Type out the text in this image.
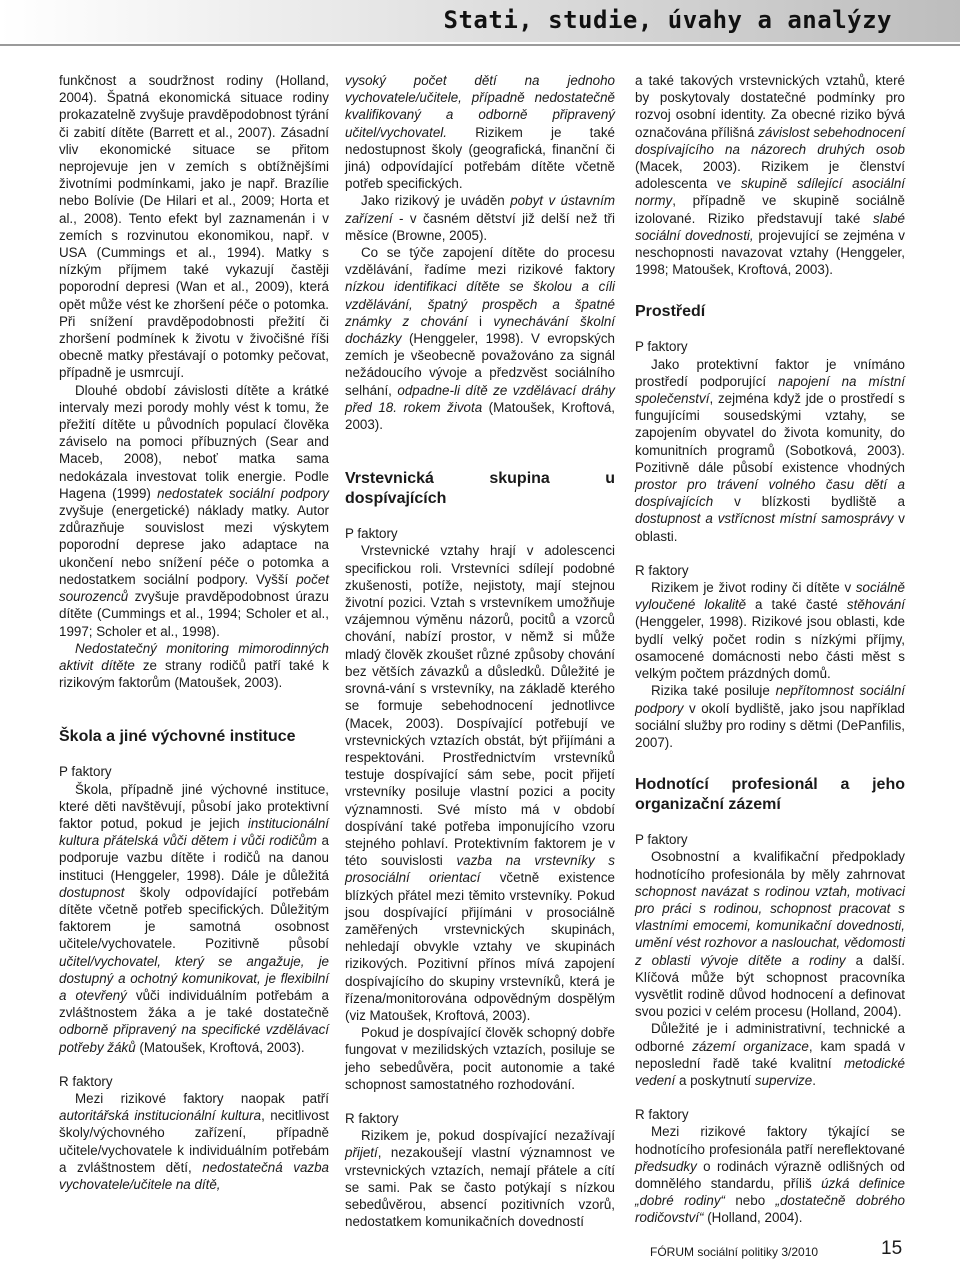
Stati, studie, úvahy a analýzy

funkčnost a soudržnost rodiny (Holland, 2004). Špatná ekonomická situace rodiny prokazatelně zvyšuje pravděpodobnost týrání či zabití dítěte (Barrett et al., 2007). Zásadní vliv ekonomické situace se přitom neprojevuje jen v zemích s obtížnějšími životními podmínkami, jako je např. Brazílie nebo Bolívie (De Hilari et al., 2009; Horta et al., 2008). Tento efekt byl zaznamenán i v zemích s rozvinutou ekonomikou, např. v USA (Cummings et al., 1994). Matky s nízkým příjmem také vykazují častěji poporodní depresi (Wan et al., 2009), která opět může vést ke zhoršení péče o potomka. Při snížení pravděpodobnosti přežití či zhoršení podmínek k životu v živočišné říši obecně matky přestávají o potomky pečovat, případně je usmrcují.

Dlouhé období závislosti dítěte a krátké intervaly mezi porody mohly vést k tomu, že přežití dítěte u původních populací člověka záviselo na pomoci příbuzných (Sear and Maceb, 2008), neboť matka sama nedokázala investovat tolik energie. Podle Hagena (1999) nedostatek sociální podpory zvyšuje (energetické) náklady matky. Autor zdůrazňuje souvislost mezi výskytem poporodní deprese jako adaptace na ukončení nebo snížení péče o potomka a nedostatkem sociální podpory. Vyšší počet sourozenců zvyšuje pravděpodobnost úrazu dítěte (Cummings et al., 1994; Scholer et al., 1997; Scholer et al., 1998).

Nedostatečný monitoring mimorodinných aktivit dítěte ze strany rodičů patří také k rizikovým faktorům (Matoušek, 2003).

Škola a jiné výchovné instituce

P faktory

Škola, případně jiné výchovné instituce, které děti navštěvují, působí jako protektivní faktor potud, pokud je jejich institucionální kultura přátelská vůči dětem i vůči rodičům a podporuje vazbu dítěte i rodičů na danou instituci (Henggeler, 1998). Dále je důležitá dostupnost školy odpovídající potřebám dítěte včetně potřeb specifických. Důležitým faktorem je samotná osobnost učitele/vychovatele. Pozitivně působí učitel/vychovatel, který se angažuje, je dostupný a ochotný komunikovat, je flexibilní a otevřený vůči individuálním potřebám a zvláštnostem žáka a je také dostatečně odborně připravený na specifické vzdělávací potřeby žáků (Matoušek, Kroftová, 2003).

R faktory

Mezi rizikové faktory naopak patří autoritářská institucionální kultura, necitlivost školy/výchovného zařízení, případně učitele/vychovatele k individuálním potřebám a zvláštnostem dětí, nedostatečná vazba vychovatele/učitele na dítě,

vysoký počet dětí na jednoho vychovatele/učitele, případně nedostatečně kvalifikovaný a odborně připravený učitel/vychovatel. Rizikem je také nedostupnost školy (geografická, finanční či jiná) odpovídající potřebám dítěte včetně potřeb specifických.

Jako rizikový je uváděn pobyt v ústavním zařízení - v časném dětství již delší než tři měsíce (Browne, 2005).

Co se týče zapojení dítěte do procesu vzdělávání, řadíme mezi rizikové faktory nízkou identifikaci dítěte se školou a cíli vzdělávání, špatný prospěch a špatné známky z chování i vynechávání školní docházky (Henggeler, 1998). V evropských zemích je všeobecně považováno za signál nežádoucího vývoje a předzvěst sociálního selhání, odpadne-li dítě ze vzdělávací dráhy před 18. rokem života (Matoušek, Kroftová, 2003).

Vrstevnická skupina u dospívajících

P faktory

Vrstevnické vztahy hrají v adolescenci specifickou roli. Vrstevníci sdílejí podobné zkušenosti, potíže, nejistoty, mají stejnou životní pozici. Vztah s vrstevníkem umožňuje vzájemnou výměnu názorů, pocitů a vzorců chování, nabízí prostor, v němž si může mladý člověk zkoušet různé způsoby chování bez větších závazků a důsledků. Důležité je srovná-vání s vrstevníky, na základě kterého se formuje sebehodnocení jednotlivce (Macek, 2003). Dospívající potřebují ve vrstevnických vztazích obstát, být přijímáni a respektováni. Prostřednictvím vrstevníků testuje dospívající sám sebe, pocit přijetí vrstevníky posiluje vlastní pozici a pocity významnosti. Své místo má v období dospívání také potřeba imponujícího vzoru stejného pohlaví. Protektivním faktorem je v této souvislosti vazba na vrstevníky s prosociální orientací včetně existence blízkých přátel mezi těmito vrstevníky. Pokud jsou dospívající přijímáni v prosociálně zaměřených vrstevnických skupinách, nehledají obvykle vztahy ve skupinách rizikových. Pozitivní přínos mívá zapojení dospívajícího do skupiny vrstevníků, která je řízena/monitorována odpovědným dospělým (viz Matoušek, Kroftová, 2003).

Pokud je dospívající člověk schopný dobře fungovat v mezilidských vztazích, posiluje se jeho sebedůvěra, pocit autonomie a také schopnost samostatného rozhodování.

R faktory

Rizikem je, pokud dospívající nezažívají přijetí, nezakoušejí vlastní významnost ve vrstevnických vztazích, nemají přátele a cítí se sami. Pak se často potýkají s nízkou sebedůvěrou, absencí pozitivních vzorů, nedostatkem komunikačních dovedností

a také takových vrstevnických vztahů, které by poskytovaly dostatečné podmínky pro rozvoj osobní identity. Za obecné riziko bývá označována přílišná závislost sebehodnocení dospívajícího na názorech druhých osob (Macek, 2003). Rizikem je členství adolescenta ve skupině sdílející asociální normy, případně ve skupině sociálně izolované. Riziko představují také slabé sociální dovednosti, projevující se zejména v neschopnosti navazovat vztahy (Henggeler, 1998; Matoušek, Kroftová, 2003).

Prostředí

P faktory

Jako protektivní faktor je vnímáno prostředí podporující napojení na místní společenství, zejména když jde o prostředí s fungujícími sousedskými vztahy, se zapojením obyvatel do života komunity, do komunitních programů (Sobotková, 2003). Pozitivně dále působí existence vhodných prostor pro trávení volného času dětí a dospívajících v blízkosti bydliště a dostupnost a vstřícnost místní samosprávy v oblasti.

R faktory

Rizikem je život rodiny či dítěte v sociálně vyloučené lokalitě a také časté stěhování (Henggeler, 1998). Rizikové jsou oblasti, kde bydlí velký počet rodin s nízkými příjmy, osamocené domácnosti nebo části měst s velkým počtem prázdných domů.

Rizika také posiluje nepřítomnost sociální podpory v okolí bydliště, jako jsou například sociální služby pro rodiny s dětmi (DePanfilis, 2007).

Hodnotící profesionál a jeho organizační zázemí

P faktory

Osobnostní a kvalifikační předpoklady hodnotícího profesionála by měly zahrnovat schopnost navázat s rodinou vztah, motivaci pro práci s rodinou, schopnost pracovat s vlastními emocemi, komunikační dovednosti, umění vést rozhovor a naslouchat, vědomosti z oblasti vývoje dítěte a rodiny a další. Klíčová může být schopnost pracovníka vysvětlit rodině důvod hodnocení a definovat svou pozici v celém procesu (Holland, 2004).

Důležité je i administrativní, technické a odborné zázemí organizace, kam spadá v neposlední řadě také kvalitní metodické vedení a poskytnutí supervize.

R faktory

Mezi rizikové faktory týkající se hodnotícího profesionála patří nereflektované předsudky o rodinách výrazně odlišných od domnělého standardu, příliš úzká definice „dobré rodiny“ nebo „dostatečně dobrého rodičovství“ (Holland, 2004).

FÓRUM sociální politiky 3/2010	15
